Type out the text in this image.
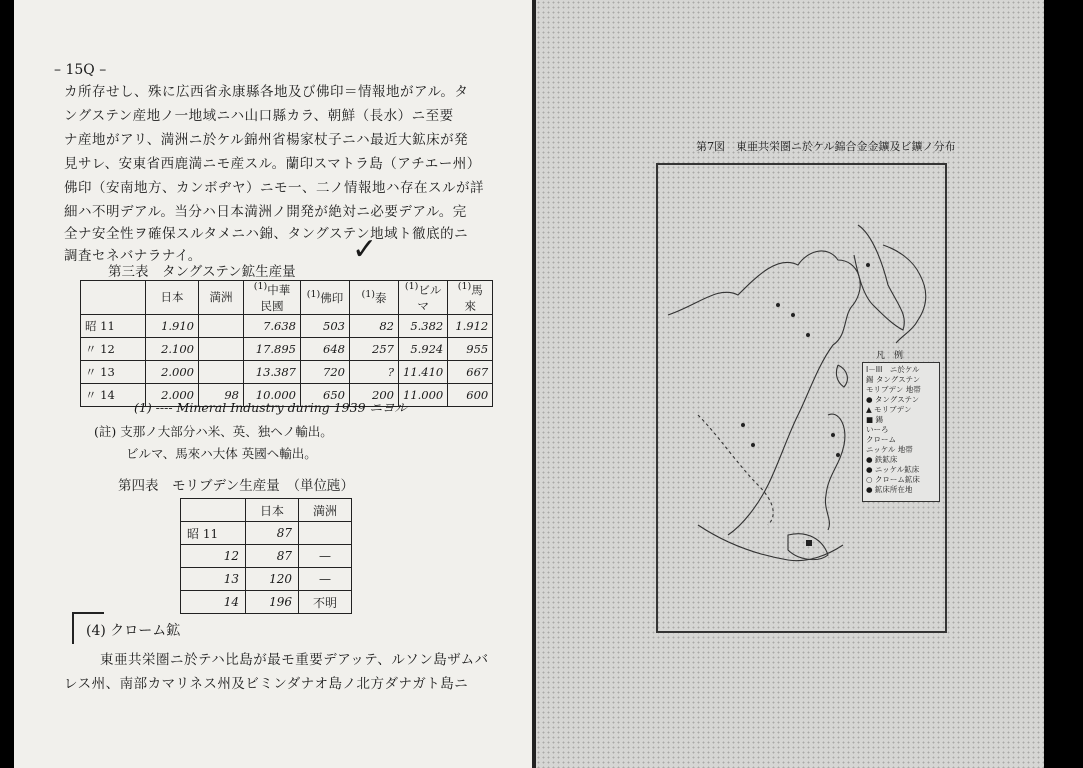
– 15Q –
カ所存せし、殊に広西省永康縣各地及び佛印＝情報地がアル。タ
ングステン産地ノ一地域ニハ山口縣カラ、朝鮮（長水）ニ至要
ナ産地がアリ、満洲ニ於ケル錦州省楊家杖子ニハ最近大鉱床が発
見サレ、安東省西鹿満ニモ産スル。蘭印スマトラ島（アチエー州）
佛印（安南地方、カンボヂヤ）ニモ一、二ノ情報地ハ存在スルが詳
細ハ不明デアル。当分ハ日本満洲ノ開発が絶対ニ必要デアル。完
全ナ安全性ヲ確保スルタメニハ錦、タングステン地域ト徹底的ニ
調査セネバナラナイ。
第三表　タングステン鉱生産量
✓
	日本	満洲	$^{(1)}$中華民國	$^{(1)}$佛印	$^{(1)}$泰	$^{(1)}$ビルマ	$^{(1)}$馬來
昭 11	1.910		7.638	503	82	5.382	1.912
〃 12	2.100		17.895	648	257	5.924	955
〃 13	2.000		13.387	720	?	11.410	667
〃 14	2.000	98	10.000	650	200	11.000	600
(1) ---- Mineral Industry during 1939 ニヨル
(註) 支那ノ大部分ハ米、英、独ヘノ輸出。
ビルマ、馬來ハ大体 英國ヘ輸出。
第四表　モリブデン生産量　（単位瓲）
	日本	満洲
昭 11	87	
12	87	—
13	120	—
14	196	不明
(4) クローム鉱
東亜共栄圏ニ於テハ比島が最モ重要デアッテ、ルソン島ザムバ
レス州、南部カマリネス州及ビミンダナオ島ノ北方ダナガト島ニ
第7図　東亜共栄圏ニ於ケル錦合金金鑛及ビ鑛ノ分布
凡　例
I－III　ニ於ケル
錫 タングステン
モリブデン 地帯
● タングステン
▲ モリブデン
■ 錫
いーろ
クローム
ニッケル 地帯
● 鉄鉱床
● ニッケル鉱床
○ クローム鉱床
● 鉱床所在地
